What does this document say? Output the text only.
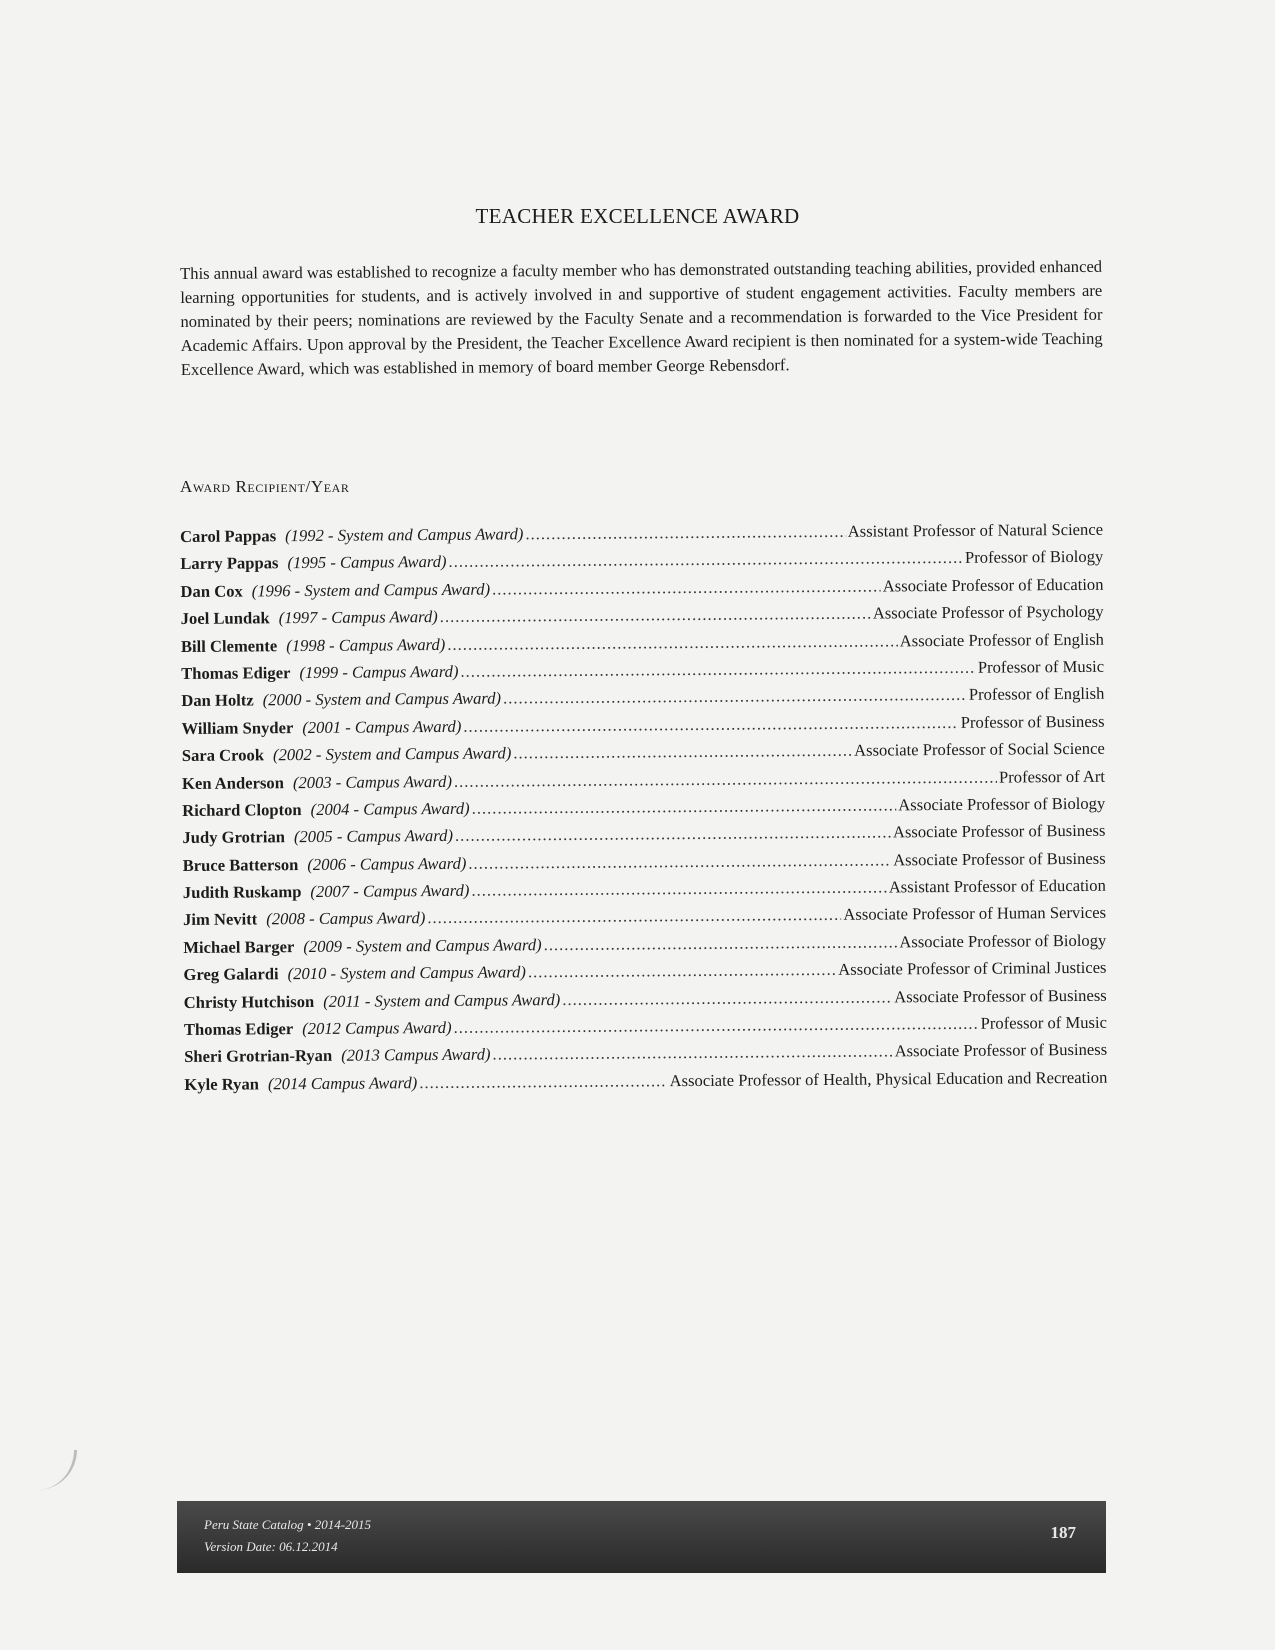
TEACHER EXCELLENCE AWARD
This annual award was established to recognize a faculty member who has demonstrated outstanding teaching abilities, provided enhanced learning opportunities for students, and is actively involved in and supportive of student engagement activities. Faculty members are nominated by their peers; nominations are reviewed by the Faculty Senate and a recommendation is forwarded to the Vice President for Academic Affairs. Upon approval by the President, the Teacher Excellence Award recipient is then nominated for a system-wide Teaching Excellence Award, which was established in memory of board member George Rebensdorf.
Award Recipient/Year
Carol Pappas (1992 - System and Campus Award) .....	Assistant Professor of Natural Science
Larry Pappas (1995 - Campus Award) .....	Professor of Biology
Dan Cox (1996 - System and Campus Award) .....	Associate Professor of Education
Joel Lundak (1997 - Campus Award) .....	Associate Professor of Psychology
Bill Clemente (1998 - Campus Award) .....	Associate Professor of English
Thomas Ediger (1999 - Campus Award) .....	Professor of Music
Dan Holtz (2000 - System and Campus Award) .....	Professor of English
William Snyder (2001 - Campus Award) .....	Professor of Business
Sara Crook (2002 - System and Campus Award) .....	Associate Professor of Social Science
Ken Anderson (2003 - Campus Award) .....	Professor of Art
Richard Clopton (2004 - Campus Award) .....	Associate Professor of Biology
Judy Grotrian (2005 - Campus Award) .....	Associate Professor of Business
Bruce Batterson (2006 - Campus Award) .....	Associate Professor of Business
Judith Ruskamp (2007 - Campus Award) .....	Assistant Professor of Education
Jim Nevitt (2008 - Campus Award) .....	Associate Professor of Human Services
Michael Barger (2009 - System and Campus Award) .....	Associate Professor of Biology
Greg Galardi (2010 - System and Campus Award) .....	Associate Professor of Criminal Justices
Christy Hutchison (2011 - System and Campus Award) .....	Associate Professor of Business
Thomas Ediger (2012 Campus Award) .....	Professor of Music
Sheri Grotrian-Ryan (2013 Campus Award) .....	Associate Professor of Business
Kyle Ryan (2014 Campus Award) .....	Associate Professor of Health, Physical Education and Recreation
Peru State Catalog • 2014-2015
Version Date: 06.12.2014
187
